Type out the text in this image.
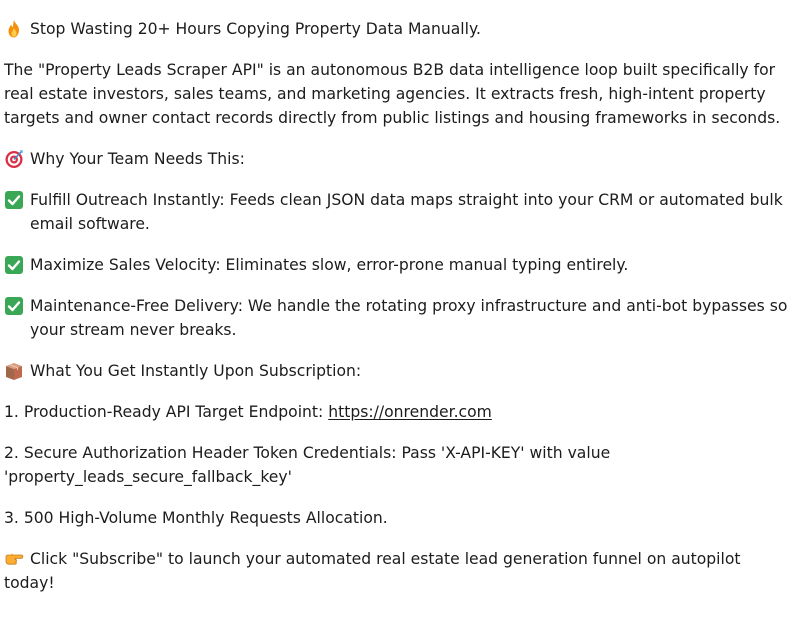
Stop Wasting 20+ Hours Copying Property Data Manually.
The "Property Leads Scraper API" is an autonomous B2B data intelligence loop built specifically for real estate investors, sales teams, and marketing agencies. It extracts fresh, high-intent property targets and owner contact records directly from public listings and housing frameworks in seconds.
Why Your Team Needs This:
Fulfill Outreach Instantly: Feeds clean JSON data maps straight into your CRM or automated bulk email software.
Maximize Sales Velocity: Eliminates slow, error-prone manual typing entirely.
Maintenance-Free Delivery: We handle the rotating proxy infrastructure and anti-bot bypasses so your stream never breaks.
What You Get Instantly Upon Subscription:
1. Production-Ready API Target Endpoint: https://onrender.com
2. Secure Authorization Header Token Credentials: Pass 'X-API-KEY' with value 'property_leads_secure_fallback_key'
3. 500 High-Volume Monthly Requests Allocation.
Click "Subscribe" to launch your automated real estate lead generation funnel on autopilot today!
